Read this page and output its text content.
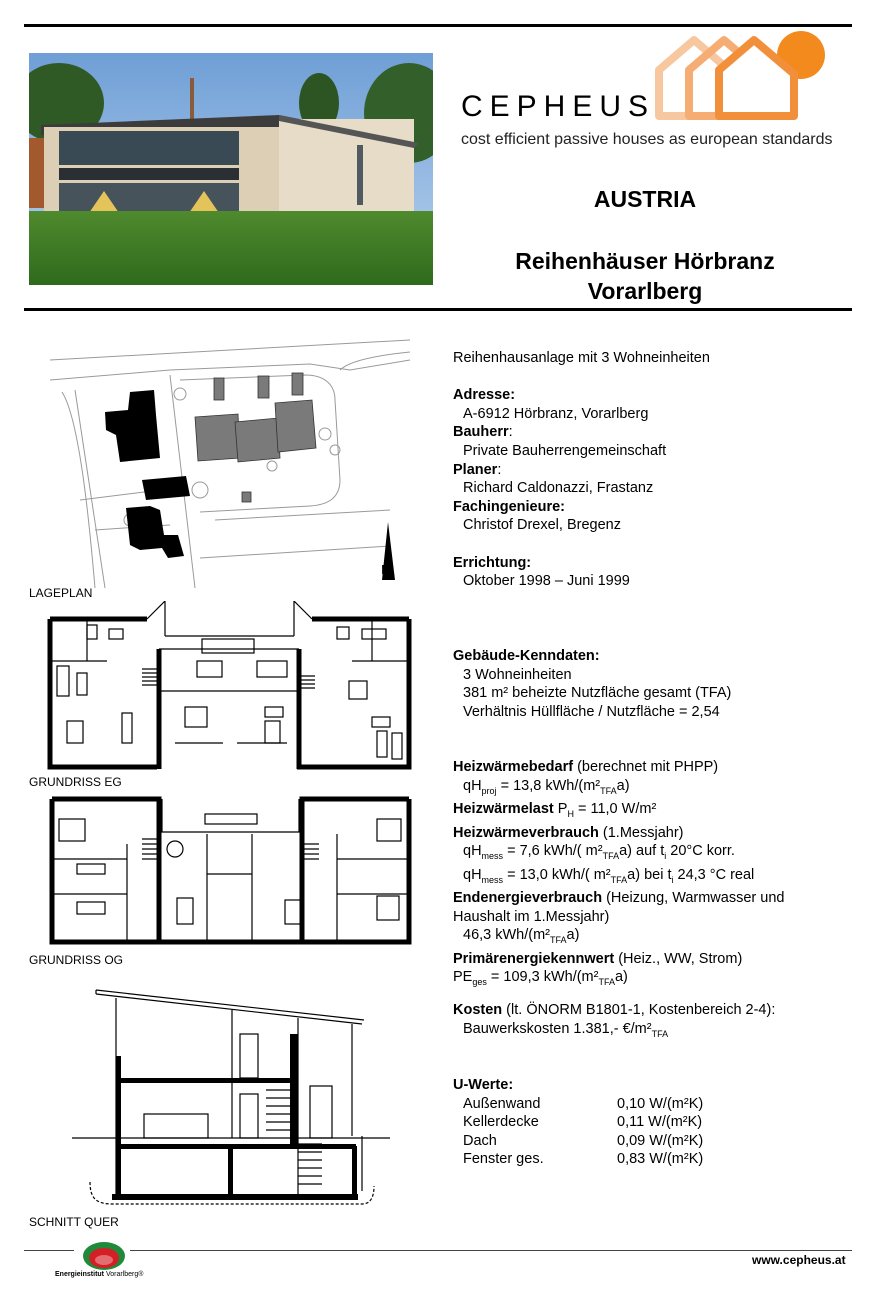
CEPHEUS
cost efficient passive houses as european standards
AUSTRIA
Reihenhäuser Hörbranz
Vorarlberg
N
LAGEPLAN
GRUNDRISS EG
GRUNDRISS OG
SCHNITT QUER
Reihenhausanlage mit 3 Wohneinheiten
Adresse:
A-6912 Hörbranz, Vorarlberg
Bauherr:
Private Bauherrengemeinschaft
Planer:
Richard Caldonazzi, Frastanz
Fachingenieure:
Christof Drexel, Bregenz
Errichtung:
Oktober 1998 – Juni 1999
Gebäude-Kenndaten:
3 Wohneinheiten
381 m² beheizte Nutzfläche gesamt (TFA)
Verhältnis Hüllfläche / Nutzfläche = 2,54
Heizwärmebedarf (berechnet mit PHPP)
$qH_{proj} = 13,8$ kWh/$(m^2_{TFA}a)$
Heizwärmelast $P_H = 11,0$ W/m²
Heizwärmeverbrauch (1.Messjahr)
$qH_{mess} = 7,6$ kWh/( $m^2_{TFA}a$) auf $t_i$ 20°C korr.
$qH_{mess} = 13,0$ kWh/( $m^2_{TFA}a$) bei $t_i$ 24,3 °C real
Endenergieverbrauch (Heizung, Warmwasser und
Haushalt im 1.Messjahr)
46,3 kWh/$(m^2_{TFA}a)$
Primärenergiekennwert (Heiz., WW, Strom)
$PE_{ges} = 109,3$ kWh/$(m^2_{TFA}a)$
Kosten (lt. ÖNORM B1801-1, Kostenbereich 2-4):
Bauwerkskosten 1.381,- $€/m^2_{TFA}$
U-Werte:
Außenwand	0,10 W/(m²K)
Kellerdecke	0,11 W/(m²K)
Dach	0,09 W/(m²K)
Fenster ges.	0,83 W/(m²K)
Energieinstitut Vorarlberg®
www.cepheus.at
